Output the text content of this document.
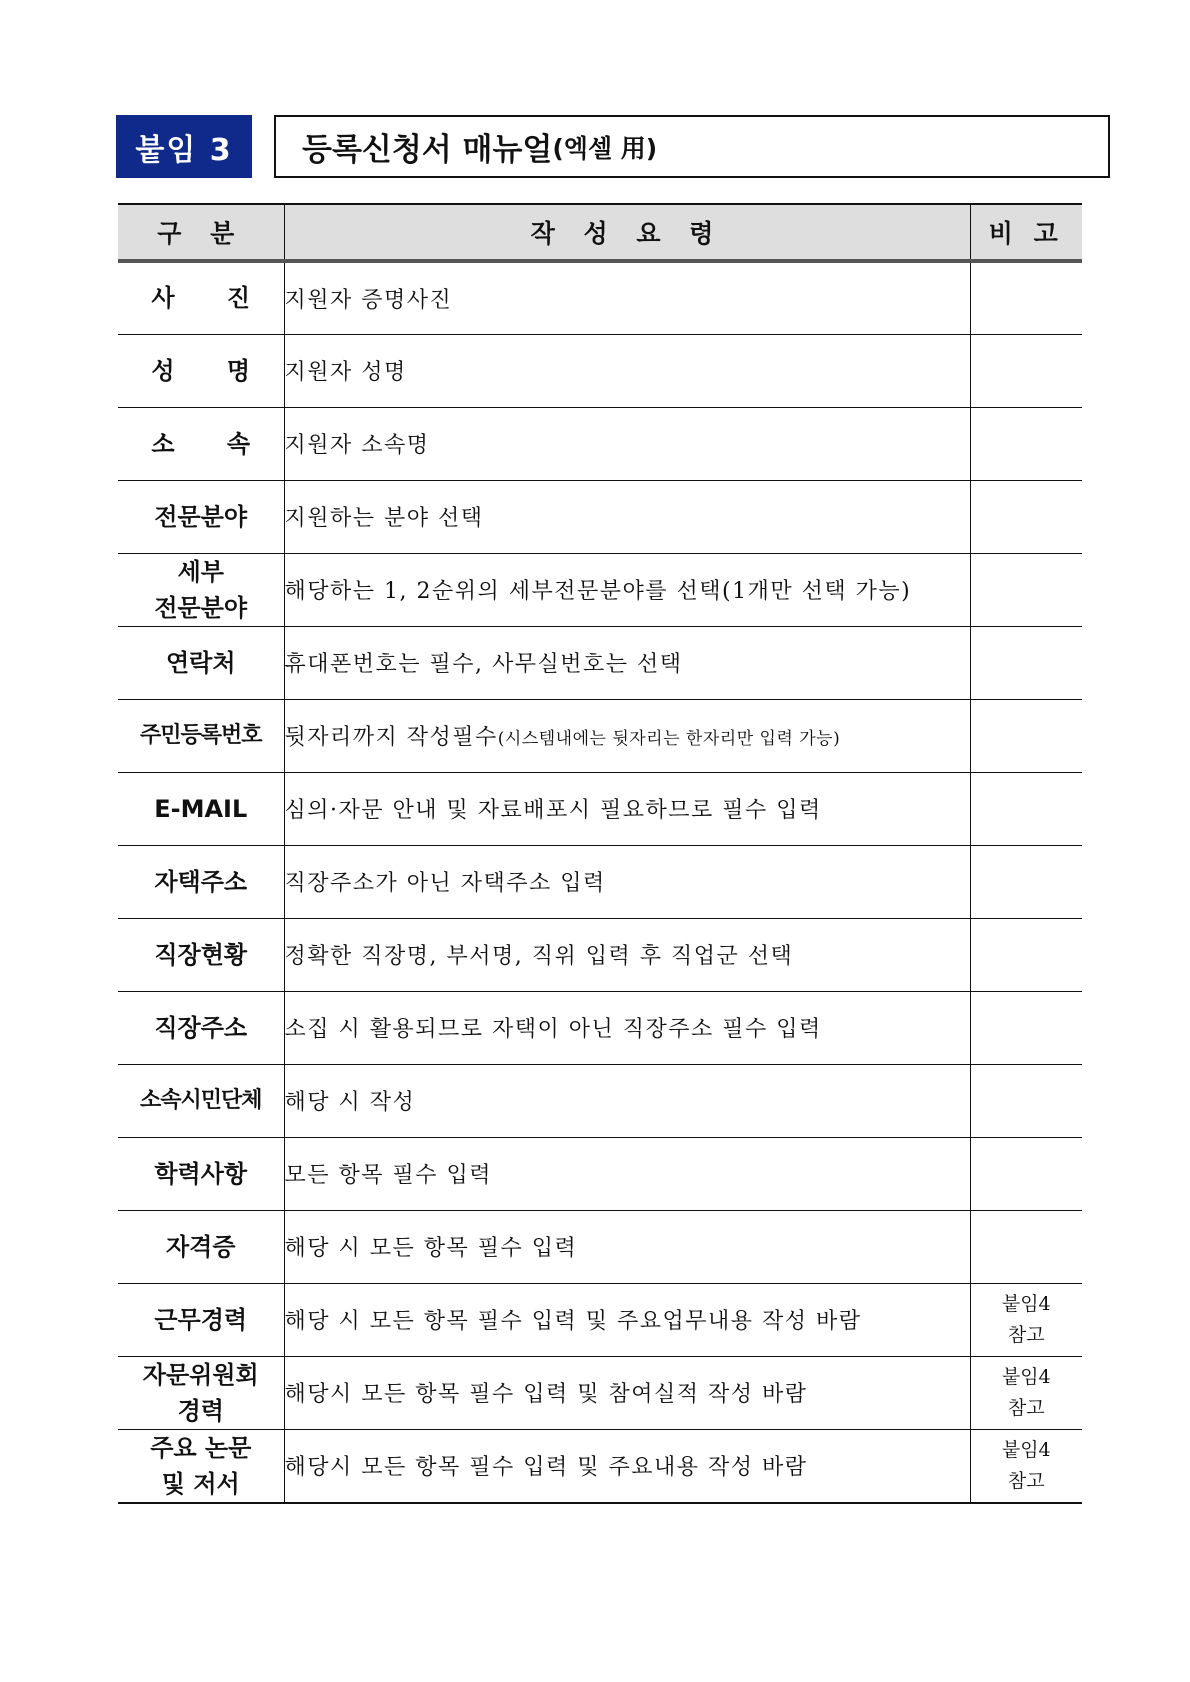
붙임 3	등록신청서 매뉴얼 (엑셀 用)
구 분	작 성 요 령	비 고
사 진	지원자 증명사진	
성 명	지원자 성명	
소 속	지원자 소속명	
전문분야	지원하는 분야 선택	
세부
전문분야	해당하는 1, 2순위의 세부전문분야를 선택(1개만 선택 가능)	
연락처	휴대폰번호는 필수, 사무실번호는 선택	
주민등록번호	뒷자리까지 작성필수(시스템내에는 뒷자리는 한자리만 입력 가능)	
E-MAIL	심의·자문 안내 및 자료배포시 필요하므로 필수 입력	
자택주소	직장주소가 아닌 자택주소 입력	
직장현황	정확한 직장명, 부서명, 직위 입력 후 직업군 선택	
직장주소	소집 시 활용되므로 자택이 아닌 직장주소 필수 입력	
소속시민단체	해당 시 작성	
학력사항	모든 항목 필수 입력	
자격증	해당 시 모든 항목 필수 입력	
근무경력	해당 시 모든 항목 필수 입력 및 주요업무내용 작성 바람	붙임4
참고
자문위원회
경력	해당시 모든 항목 필수 입력 및 참여실적 작성 바람	붙임4
참고
주요 논문
및 저서	해당시 모든 항목 필수 입력 및 주요내용 작성 바람	붙임4
참고
